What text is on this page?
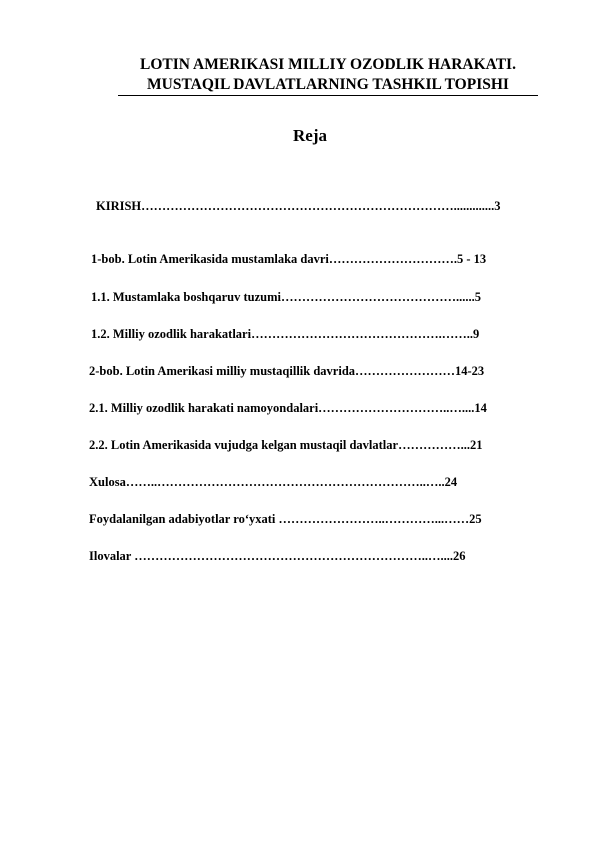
LOTIN AMERIKASI MILLIY OZODLIK HARAKATI.
MUSTAQIL DAVLATLARNING TASHKIL TOPISHI
Reja
KIRISH………………………………………………………………….............3
1-bob. Lotin Amerikasida mustamlaka davri………………………….5 - 13
1.1. Mustamlaka boshqaruv tuzumi……………………………………......5
1.2. Milliy ozodlik harakatlari……………………………………….……..9
2-bob. Lotin Amerikasi milliy mustaqillik davrida……………………14-23
2.1. Milliy ozodlik harakati namoyondalari…………………………..…....14
2.2. Lotin Amerikasida vujudga kelgan mustaqil davlatlar……………...21
Xulosa……..………………………………………………………..…..24
Foydalanilgan adabiyotlar ro‘yxati ……………………..…………...……25
Ilovalar ……………………………………………………………..…....26
